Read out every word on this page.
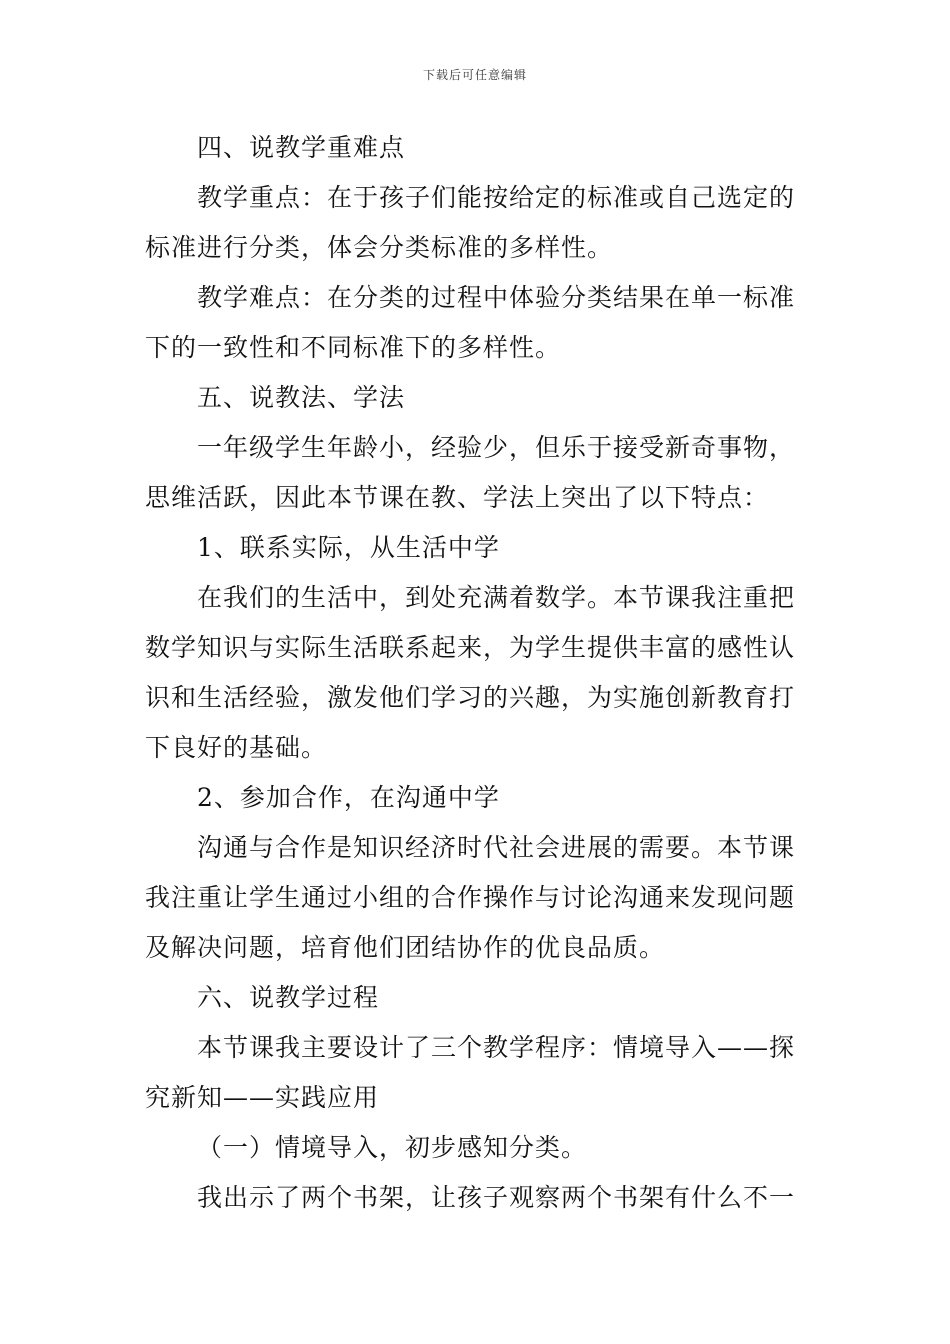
下载后可任意编辑
四、说教学重难点
教学重点：在于孩子们能按给定的标准或自己选定的
标准进行分类，体会分类标准的多样性。
教学难点：在分类的过程中体验分类结果在单一标准
下的一致性和不同标准下的多样性。
五、说教法、学法
一年级学生年龄小，经验少，但乐于接受新奇事物，
思维活跃，因此本节课在教、学法上突出了以下特点：
1、联系实际，从生活中学
在我们的生活中，到处充满着数学。本节课我注重把
数学知识与实际生活联系起来，为学生提供丰富的感性认
识和生活经验，激发他们学习的兴趣，为实施创新教育打
下良好的基础。
2、参加合作，在沟通中学
沟通与合作是知识经济时代社会进展的需要。本节课
我注重让学生通过小组的合作操作与讨论沟通来发现问题
及解决问题，培育他们团结协作的优良品质。
六、说教学过程
本节课我主要设计了三个教学程序：情境导入——探
究新知——实践应用
（一）情境导入，初步感知分类。
我出示了两个书架，让孩子观察两个书架有什么不一
